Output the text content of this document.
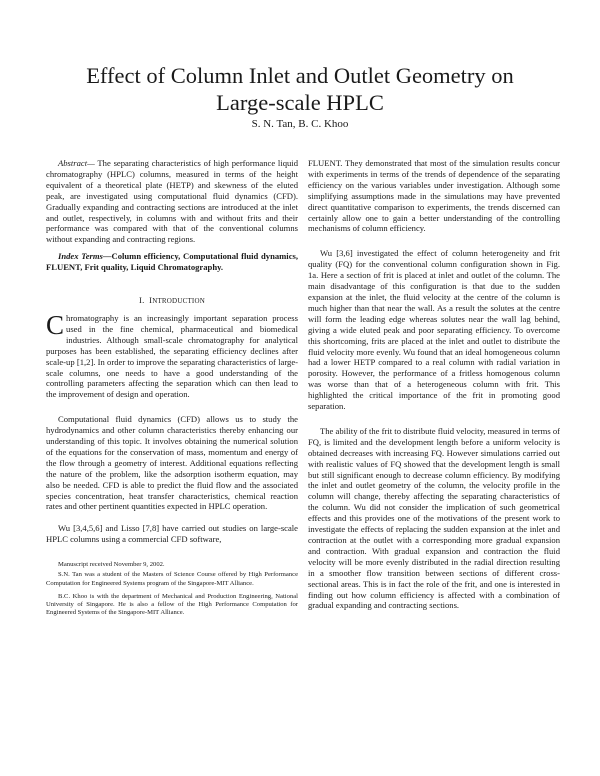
Effect of Column Inlet and Outlet Geometry on
Large-scale HPLC
S. N. Tan, B. C. Khoo

Abstract— The separating characteristics of high performance liquid chromatography (HPLC) columns, measured in terms of the height equivalent of a theoretical plate (HETP) and skewness of the eluted peak, are investigated using computational fluid dynamics (CFD). Gradually expanding and contracting sections are introduced at the inlet and outlet, respectively, in columns with and without frits and their performance was compared with that of the conventional columns without expanding and contracting regions.

Index Terms—Column efficiency, Computational fluid dynamics, FLUENT, Frit quality, Liquid Chromatography.

I. INTRODUCTION

Chromatography is an increasingly important separation process used in the fine chemical, pharmaceutical and biomedical industries. Although small-scale chromatography for analytical purposes has been established, the separating efficiency declines after scale-up [1,2]. In order to improve the separating characteristics of large-scale columns, one needs to have a good understanding of the controlling parameters affecting the separation which can then lead to the improvement of design and operation.

Computational fluid dynamics (CFD) allows us to study the hydrodynamics and other column characteristics thereby enhancing our understanding of this topic. It involves obtaining the numerical solution of the equations for the conservation of mass, momentum and energy of the flow through a geometry of interest. Additional equations reflecting the nature of the problem, like the adsorption isotherm equation, may also be needed. CFD is able to predict the fluid flow and the associated species concentration, heat transfer characteristics, chemical reaction rates and other pertinent quantities expected in HPLC operation.

Wu [3,4,5,6] and Lisso [7,8] have carried out studies on large-scale HPLC columns using a commercial CFD software,

Manuscript received November 9, 2002.

S.N. Tan was a student of the Masters of Science Course offered by High Performance Computation for Engineered Systems program of the Singapore-MIT Alliance.

B.C. Khoo is with the department of Mechanical and Production Engineering, National University of Singapore. He is also a fellow of the High Performance Computation for Engineered Systems of the Singapore-MIT Alliance.

FLUENT. They demonstrated that most of the simulation results concur with experiments in terms of the trends of dependence of the separating efficiency on the various variables under investigation. Although some simplifying assumptions made in the simulations may have prevented direct quantitative comparison to experiments, the trends discerned can certainly allow one to gain a better understanding of the controlling mechanisms of column efficiency.

Wu [3,6] investigated the effect of column heterogeneity and frit quality (FQ) for the conventional column configuration shown in Fig. 1a. Here a section of frit is placed at inlet and outlet of the column. The main disadvantage of this configuration is that due to the sudden expansion at the inlet, the fluid velocity at the centre of the column is much higher than that near the wall. As a result the solutes at the centre will form the leading edge whereas solutes near the wall lag behind, giving a wide eluted peak and poor separating efficiency. To overcome this shortcoming, frits are placed at the inlet and outlet to distribute the fluid velocity more evenly. Wu found that an ideal homogeneous column had a lower HETP compared to a real column with radial variation in porosity. However, the performance of a fritless homogenous column was worse than that of a heterogeneous column with frit. This highlighted the critical importance of the frit in promoting good separation.

The ability of the frit to distribute fluid velocity, measured in terms of FQ, is limited and the development length before a uniform velocity is obtained decreases with increasing FQ. However simulations carried out with realistic values of FQ showed that the development length is small but still significant enough to decrease column efficiency. By modifying the inlet and outlet geometry of the column, the velocity profile in the column will change, thereby affecting the separating characteristics of the column. Wu did not consider the implication of such geometrical effects and this provides one of the motivations of the present work to investigate the effects of replacing the sudden expansion at the inlet and contraction at the outlet with a corresponding more gradual expansion and contraction. With gradual expansion and contraction the fluid velocity will be more evenly distributed in the radial direction resulting in a smoother flow transition between sections of different cross-sectional areas. This is in fact the role of the frit, and one is interested in finding out how column efficiency is affected with a combination of gradual expanding and contracting sections.
